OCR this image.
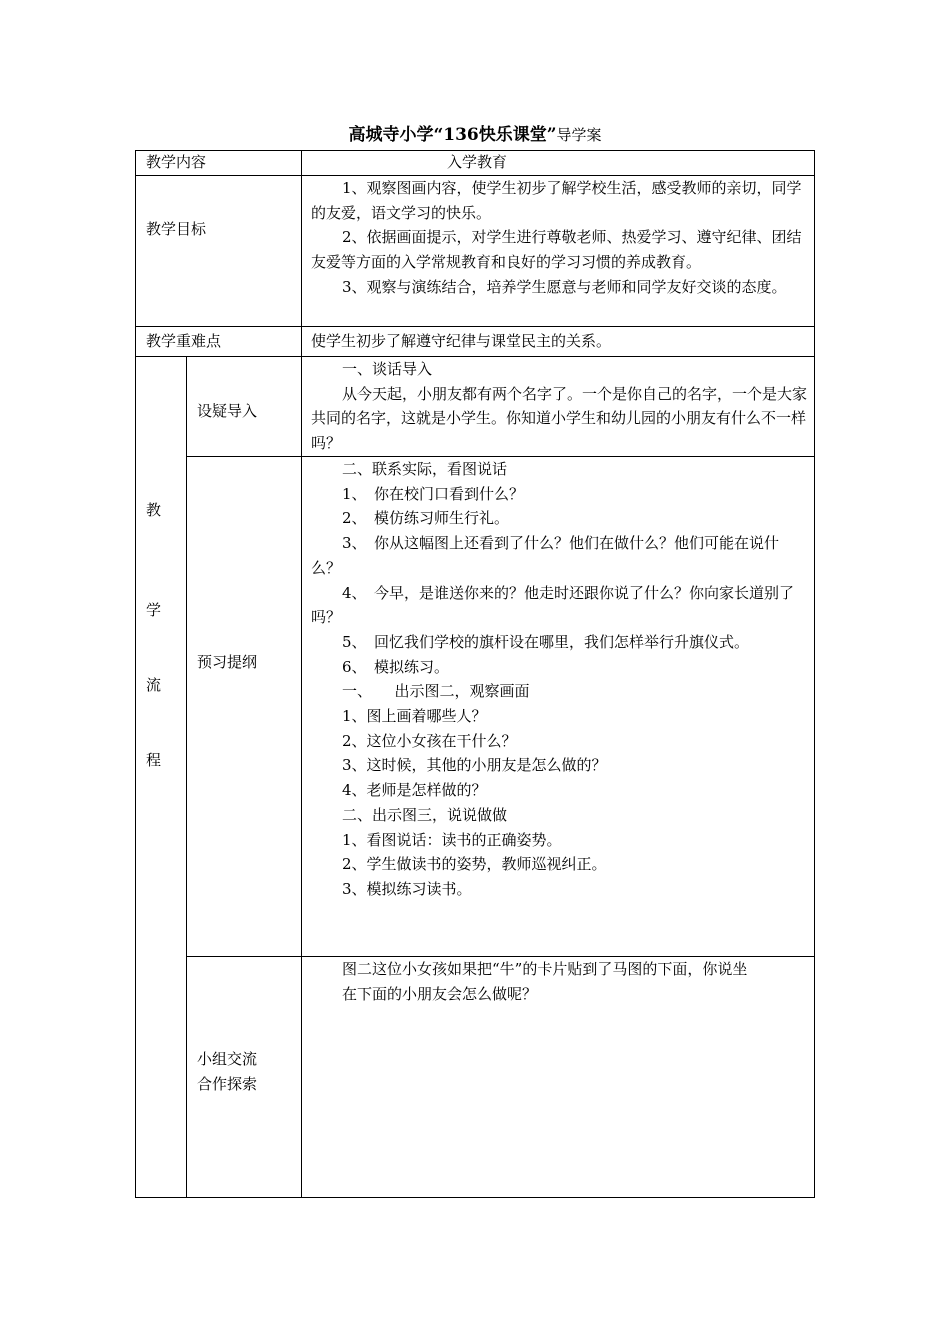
高城寺小学“136快乐课堂”导学案
教学内容	入学教育
教学目标

1、观察图画内容，使学生初步了解学校生活，感受教师的亲切，同学的友爱，语文学习的快乐。

2、依据画面提示，对学生进行尊敬老师、热爱学习、遵守纪律、团结友爱等方面的入学常规教育和良好的学习习惯的养成教育。

3、观察与演练结合，培养学生愿意与老师和同学友好交谈的态度。

教学重难点	使学生初步了解遵守纪律与课堂民主的关系。
教
学
流
程
设疑导入

一、谈话导入

从今天起，小朋友都有两个名字了。一个是你自己的名字，一个是大家共同的名字，这就是小学生。你知道小学生和幼儿园的小朋友有什么不一样吗？

预习提纲

二、联系实际，看图说话

1、　你在校门口看到什么？

2、　模仿练习师生行礼。

3、　你从这幅图上还看到了什么？他们在做什么？他们可能在说什么？

4、　今早，是谁送你来的？他走时还跟你说了什么？你向家长道别了吗？

5、　回忆我们学校的旗杆设在哪里，我们怎样举行升旗仪式。

6、　模拟练习。

一、　　出示图二，观察画面

1、图上画着哪些人？

2、这位小女孩在干什么？

3、这时候，其他的小朋友是怎么做的？

4、老师是怎样做的？

二、出示图三，说说做做

1、看图说话：读书的正确姿势。

2、学生做读书的姿势，教师巡视纠正。

3、模拟练习读书。

小组交流
合作探索

图二这位小女孩如果把“牛”的卡片贴到了马图的下面，你说坐

在下面的小朋友会怎么做呢？
